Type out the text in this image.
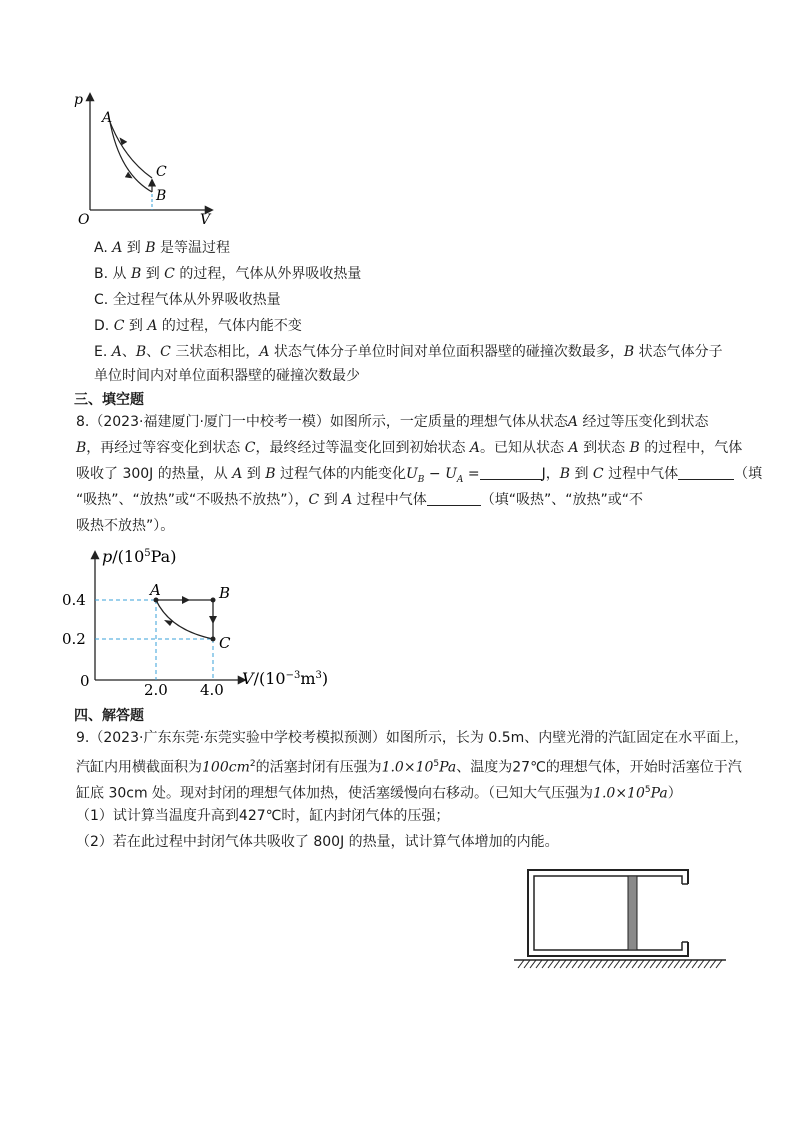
p
V
O
A
C
B
A. A 到 B 是等温过程
B. 从 B 到 C 的过程，气体从外界吸收热量
C. 全过程气体从外界吸收热量
D. C 到 A 的过程，气体内能不变
E. A、B、C 三状态相比，A 状态气体分子单位时间对单位面积器壁的碰撞次数最多，B 状态气体分子
单位时间内对单位面积器壁的碰撞次数最少
三、填空题
8.（2023·福建厦门·厦门一中校考一模）如图所示，一定质量的理想气体从状态A 经过等压变化到状态
B，再经过等容变化到状态 C，最终经过等温变化回到初始状态 A。已知从状态 A 到状态 B 的过程中，气体
吸收了 300J 的热量，从 A 到 B 过程气体的内能变化$U_B - U_A$ =	J，B 到 C 过程中气体	（填
“吸热”、“放热”或“不吸热不放热”），C 到 A 过程中气体	（填“吸热”、“放热”或“不
吸热不放热”）。
$p/(10^5Pa)$
$V/(10^{-3}m^3)$
0.4
0.2
0	2.0 4.0
A	B
C
四、解答题
9.（2023·广东东莞·东莞实验中学校考模拟预测）如图所示，长为 0.5m、内壁光滑的汽缸固定在水平面上，
汽缸内用横截面积为$100cm^2$的活塞封闭有压强为$1.0\times 10^5Pa$、温度为27℃的理想气体，开始时活塞位于汽
缸底 30cm 处。现对封闭的理想气体加热，使活塞缓慢向右移动。（已知大气压强为$1.0\times 10^5Pa$）
（1）试计算当温度升高到427℃时，缸内封闭气体的压强；
（2）若在此过程中封闭气体共吸收了 800J 的热量，试计算气体增加的内能。
